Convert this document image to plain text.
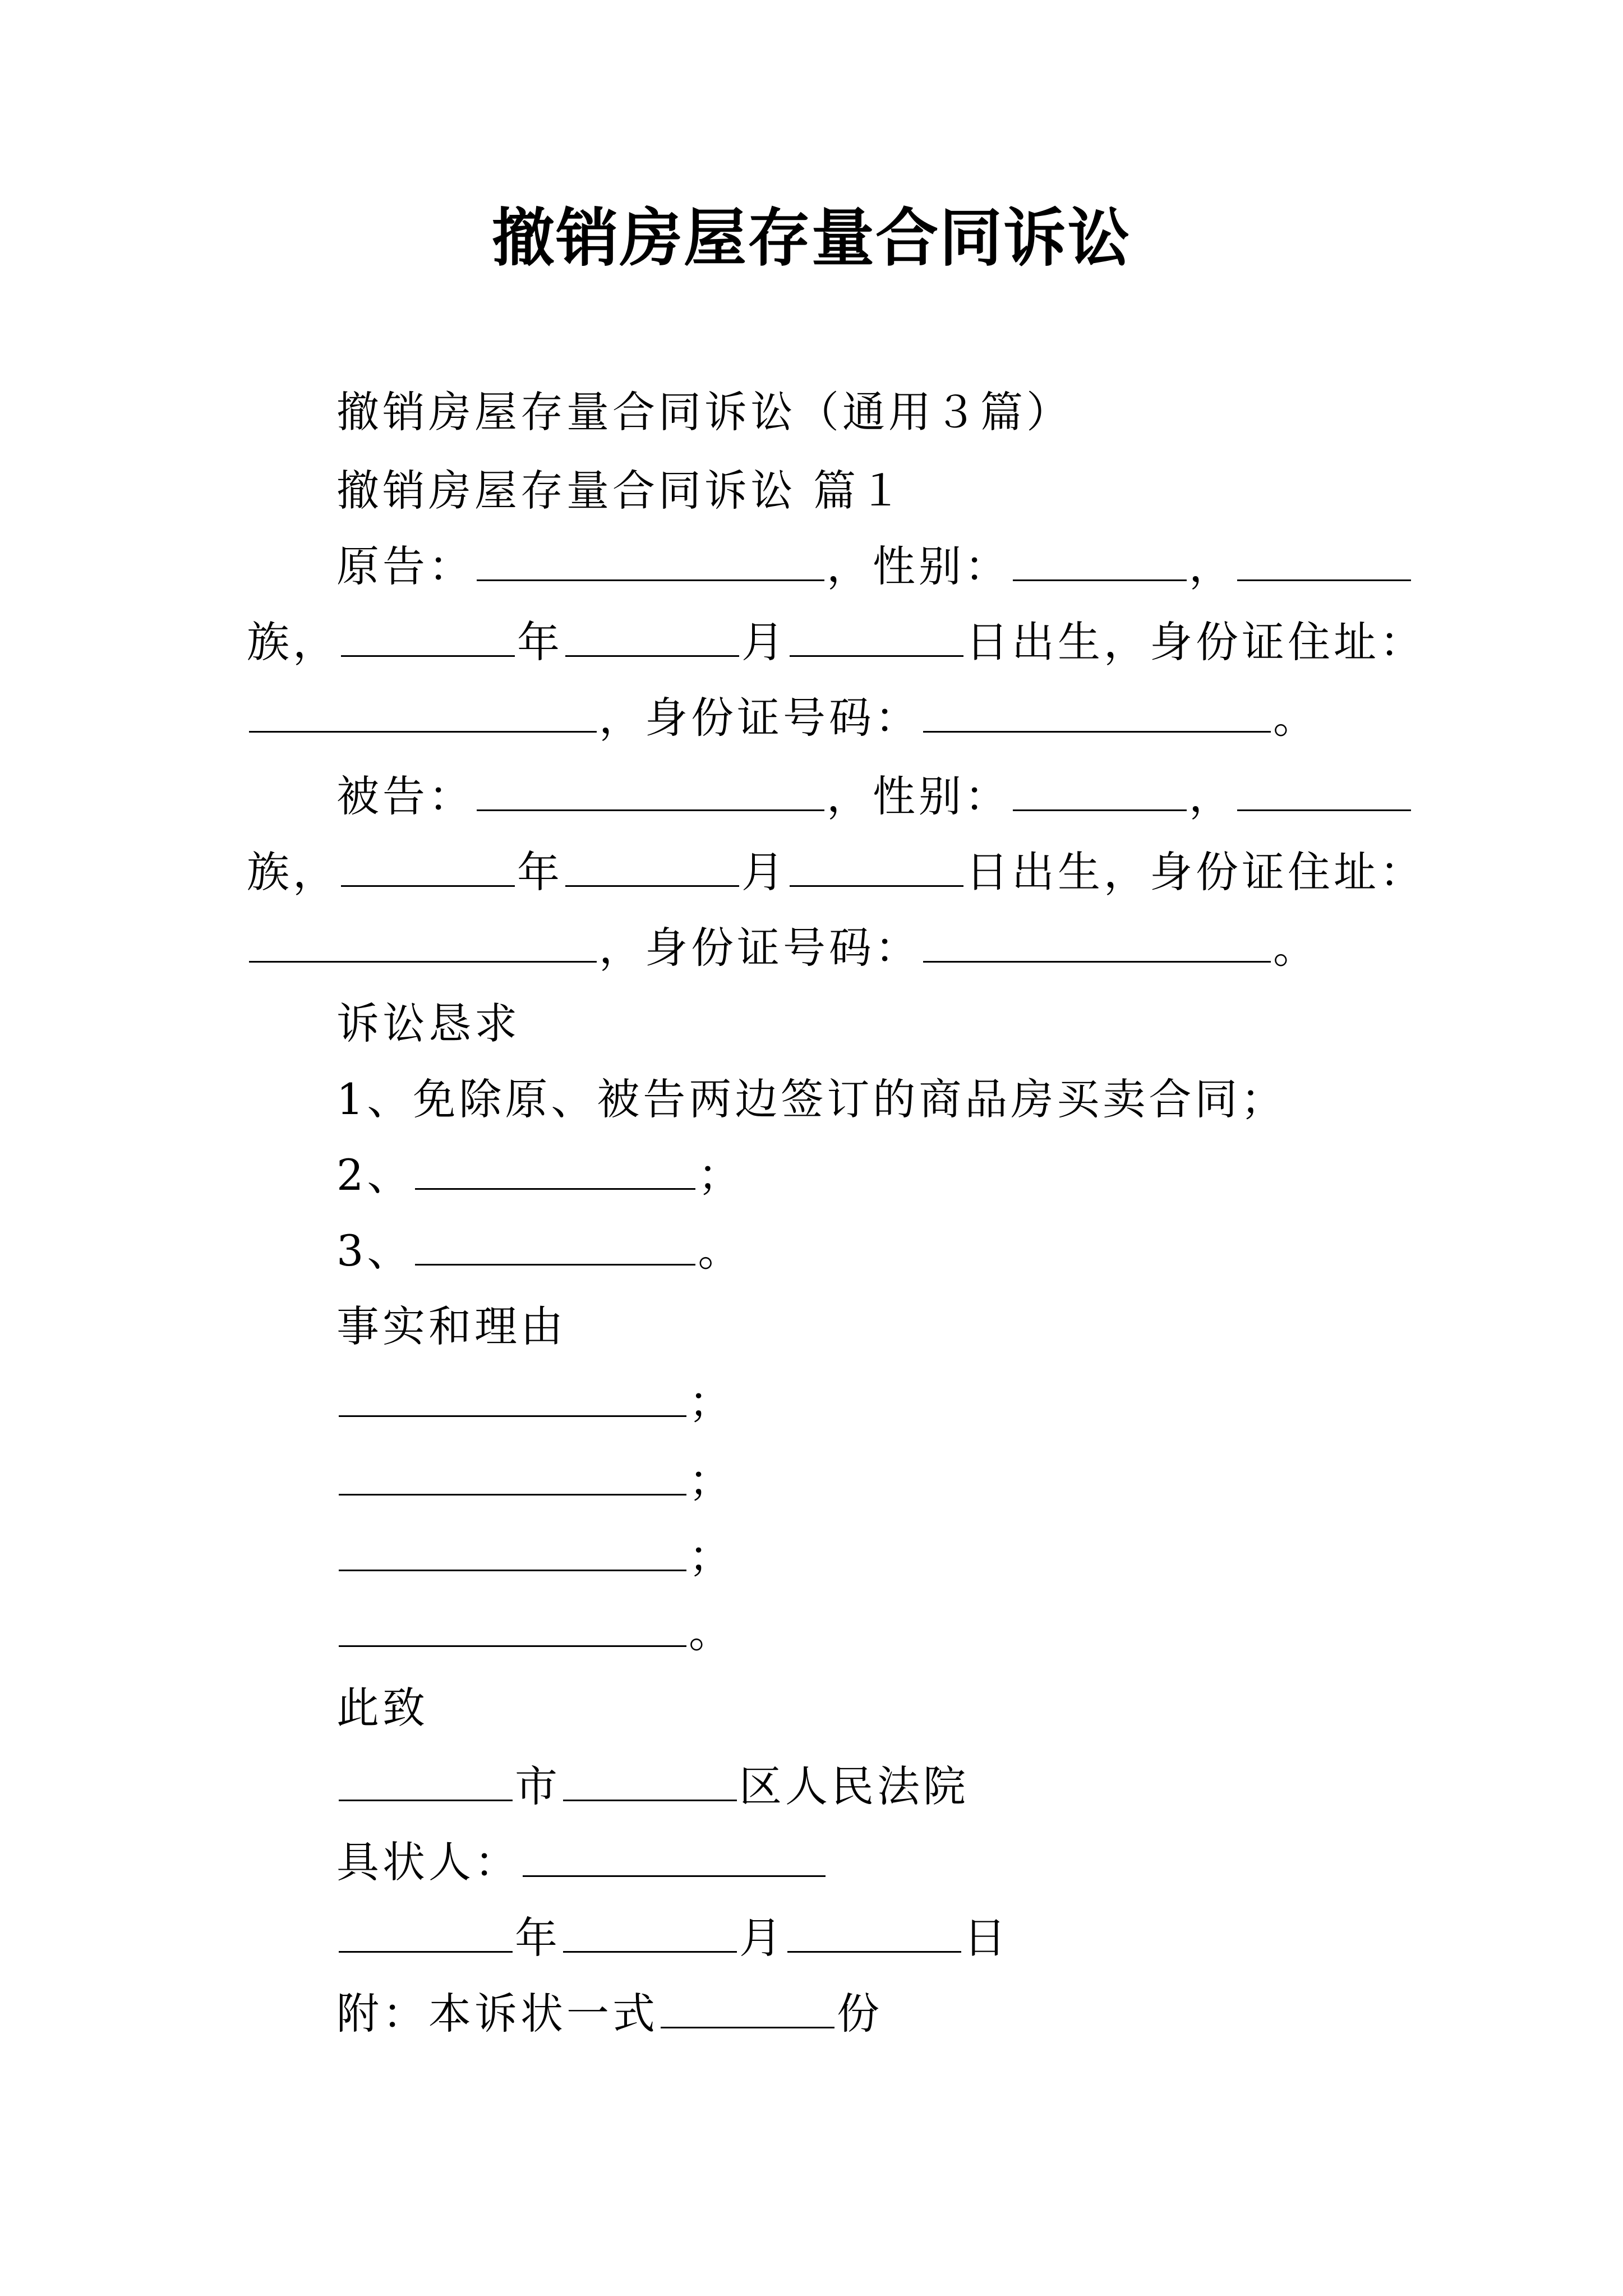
撤销房屋存量合同诉讼
撤销房屋存量合同诉讼（通用３篇）
撤销房屋存量合同诉讼 篇１
原告：	，性别：	，
族，	年	月	日出生，身份证住址：
，身份证号码：	。
被告：	，性别：	，
族，	年	月	日出生，身份证住址：
，身份证号码：	。
诉讼恳求
1、免除原、被告两边签订的商品房买卖合同；
2、	；
3、	。
事实和理由
；
；
；
。
此致
市	区人民法院
具状人：
年	月	日
附：本诉状一式	份
